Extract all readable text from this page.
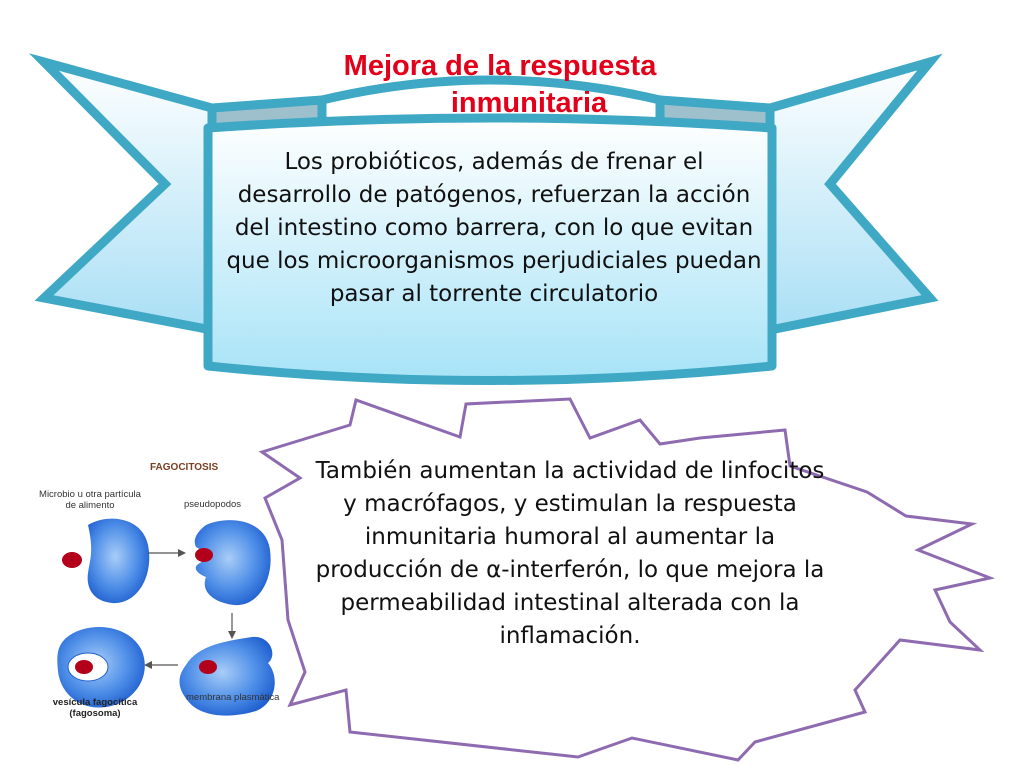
Mejora de la respuesta
inmunitaria
Los probióticos, además de frenar el desarrollo de patógenos, refuerzan la acción del intestino como barrera, con lo que evitan que los microorganismos perjudiciales puedan pasar al torrente circulatorio
También aumentan la actividad de linfocitos y macrófagos, y estimulan la respuesta inmunitaria humoral al aumentar la producción de α-interferón, lo que mejora la permeabilidad intestinal alterada con la inflamación.
FAGOCITOSIS
Microbio u otra partícula de alimento	pseudopodos
vesícula fagocítica (fagosoma)
membrana plasmática
